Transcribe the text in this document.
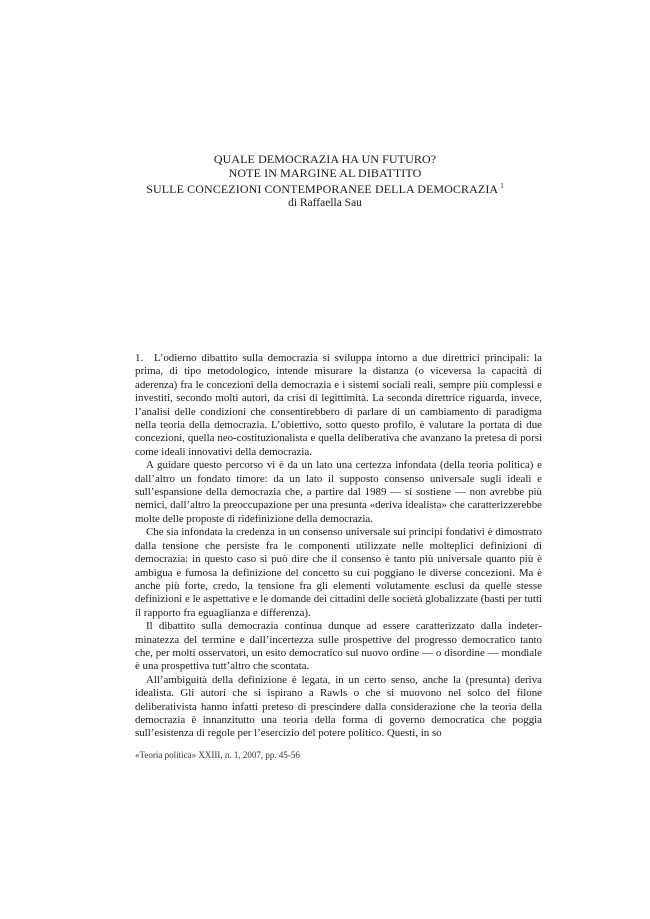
QUALE DEMOCRAZIA HA UN FUTURO?
NOTE IN MARGINE AL DIBATTITO
SULLE CONCEZIONI CONTEMPORANEE DELLA DEMOCRAZIA $^1$
di Raffaella Sau

1. L’odierno dibattito sulla democrazia si sviluppa intorno a due direttrici principali: la prima, di tipo metodologico, intende misurare la distanza (o viceversa la capacità di aderenza) fra le concezioni della democrazia e i sistemi sociali reali, sempre più complessi e investiti, secondo molti autori, da crisi di legittimità. La seconda direttrice riguarda, invece, l’analisi delle condizioni che consentirebbero di parlare di un cambiamento di paradigma nella teoria della democrazia. L’obiettivo, sotto questo profilo, è valutare la portata di due concezioni, quella neo-costituzionalista e quella deliberativa che avanzano la pretesa di porsi come ideali innovativi della democrazia.

A guidare questo percorso vi è da un lato una certezza infondata (della teoria politica) e dall’altro un fondato timore: da un lato il supposto consenso universale sugli ideali e sull’espansione della democrazia che, a partire dal 1989 — si sostiene — non avrebbe più nemici, dall’altro la preoccupazione per una presunta «deriva idealista» che caratterizzerebbe molte delle proposte di ridefinizione della democrazia.

Che sia infondata la credenza in un consenso universale sui principi fondativi è dimostrato dalla tensione che persiste fra le componenti utilizzate nelle molteplici definizioni di democrazia: in questo caso si può dire che il consenso è tanto più universale quanto più è ambigua e fumosa la definizione del concetto su cui poggiano le diverse concezioni. Ma è anche più forte, credo, la tensione fra gli elementi volutamente esclusi da quelle stesse definizioni e le aspettative e le domande dei cittadini delle società globalizzate (basti per tutti il rapporto fra eguaglianza e differenza).

Il dibattito sulla democrazia continua dunque ad essere caratterizzato dalla indeterminatezza del termine e dall’incertezza sulle prospettive del progresso democratico tanto che, per molti osservatori, un esito democratico sul nuovo ordine — o disordine — mondiale è una prospettiva tutt’altro che scontata.

All’ambiguità della definizione è legata, in un certo senso, anche la (presunta) deriva idealista. Gli autori che si ispirano a Rawls o che si muovono nel solco del filone deliberativista hanno infatti preteso di prescindere dalla considerazione che la teoria della democrazia è innanzitutto una teoria della forma di governo democratica che poggia sull’esistenza di regole per l’esercizio del potere politico. Questi, in so

«Teoria politica» XXIII, n. 1, 2007, pp. 45-56
